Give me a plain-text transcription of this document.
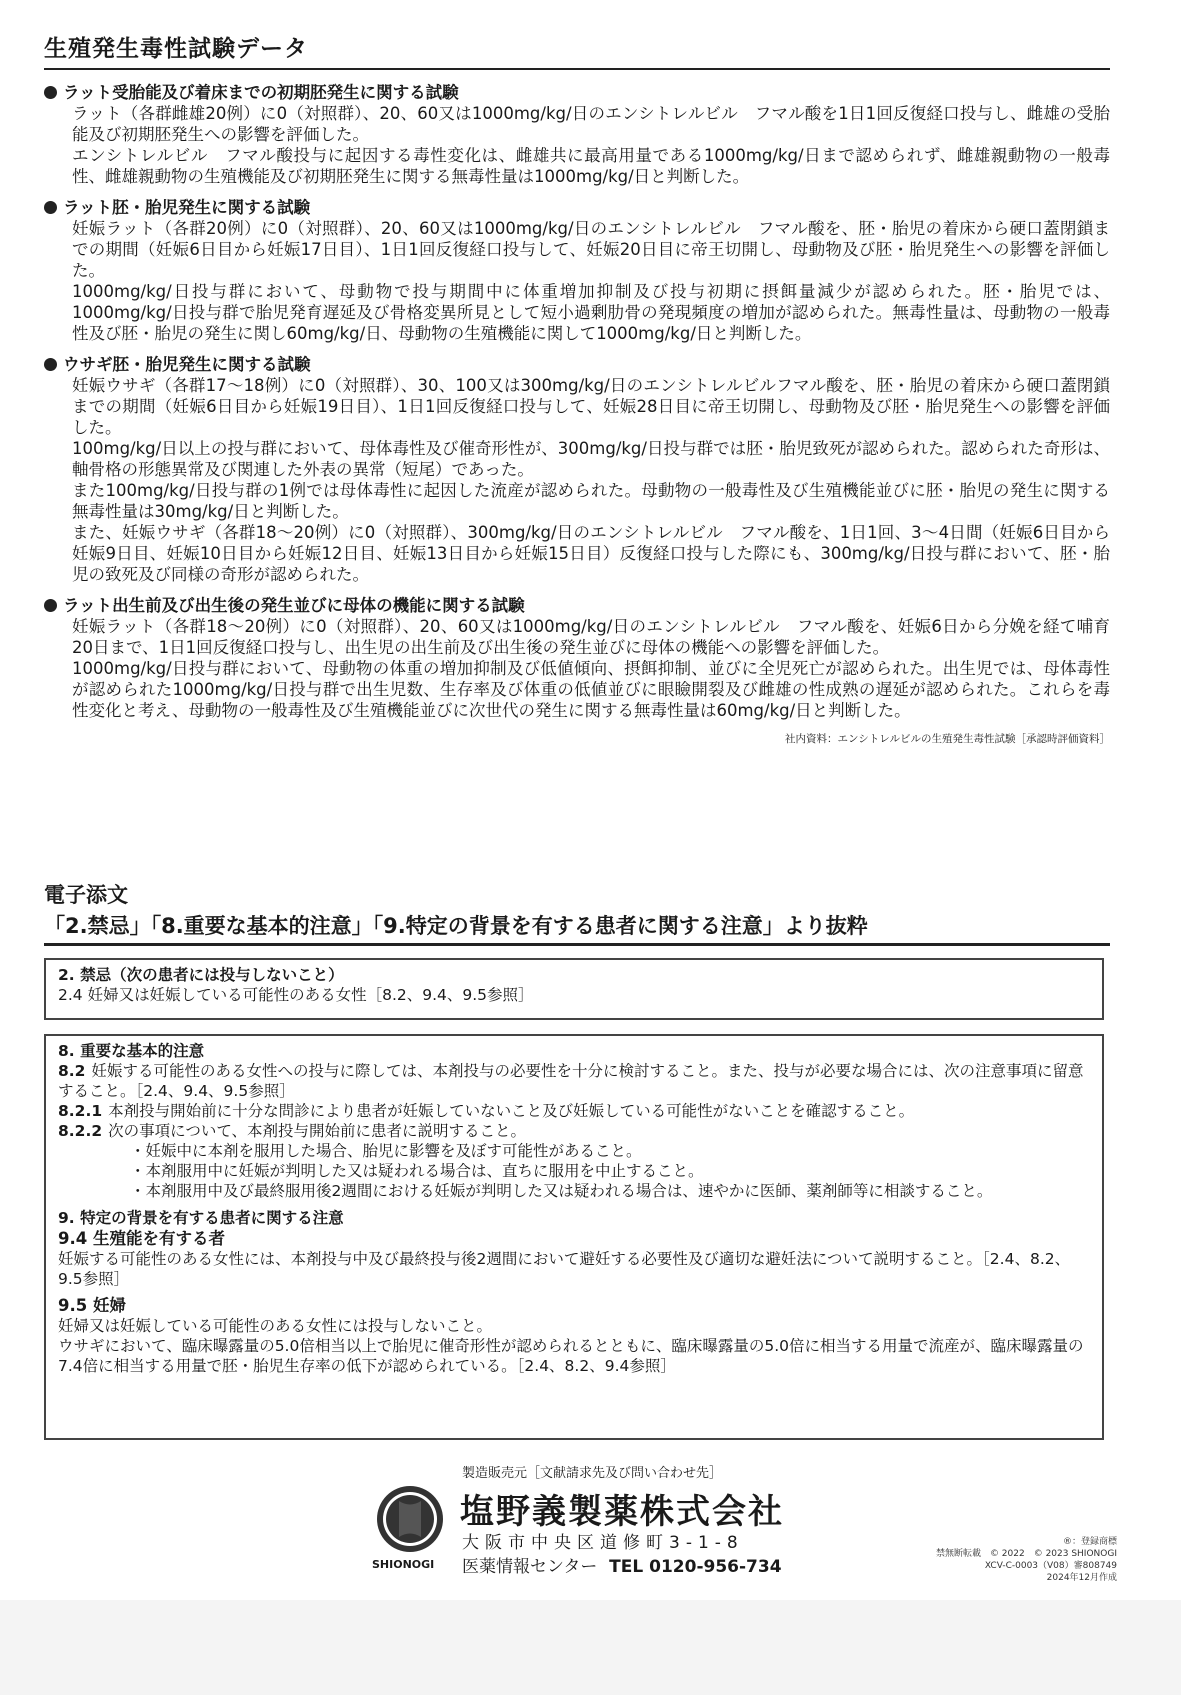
生殖発生毒性試験データ
ラット受胎能及び着床までの初期胚発生に関する試験

ラット（各群雌雄20例）に0（対照群）、20、60又は1000mg/kg/日のエンシトレルビル　フマル酸を1日1回反復経口投与し、雌雄の受胎能及び初期胚発生への影響を評価した。

エンシトレルビル　フマル酸投与に起因する毒性変化は、雌雄共に最高用量である1000mg/kg/日まで認められず、雌雄親動物の一般毒性、雌雄親動物の生殖機能及び初期胚発生に関する無毒性量は1000mg/kg/日と判断した。

ラット胚・胎児発生に関する試験

妊娠ラット（各群20例）に0（対照群）、20、60又は1000mg/kg/日のエンシトレルビル　フマル酸を、胚・胎児の着床から硬口蓋閉鎖までの期間（妊娠6日目から妊娠17日目）、1日1回反復経口投与して、妊娠20日目に帝王切開し、母動物及び胚・胎児発生への影響を評価した。

1000mg/kg/日投与群において、母動物で投与期間中に体重増加抑制及び投与初期に摂餌量減少が認められた。胚・胎児では、1000mg/kg/日投与群で胎児発育遅延及び骨格変異所見として短小過剰肋骨の発現頻度の増加が認められた。無毒性量は、母動物の一般毒性及び胚・胎児の発生に関し60mg/kg/日、母動物の生殖機能に関して1000mg/kg/日と判断した。

ウサギ胚・胎児発生に関する試験

妊娠ウサギ（各群17～18例）に0（対照群）、30、100又は300mg/kg/日のエンシトレルビルフマル酸を、胚・胎児の着床から硬口蓋閉鎖までの期間（妊娠6日目から妊娠19日目）、1日1回反復経口投与して、妊娠28日目に帝王切開し、母動物及び胚・胎児発生への影響を評価した。

100mg/kg/日以上の投与群において、母体毒性及び催奇形性が、300mg/kg/日投与群では胚・胎児致死が認められた。認められた奇形は、軸骨格の形態異常及び関連した外表の異常（短尾）であった。

また100mg/kg/日投与群の1例では母体毒性に起因した流産が認められた。母動物の一般毒性及び生殖機能並びに胚・胎児の発生に関する無毒性量は30mg/kg/日と判断した。

また、妊娠ウサギ（各群18～20例）に0（対照群）、300mg/kg/日のエンシトレルビル　フマル酸を、1日1回、3～4日間（妊娠6日目から妊娠9日目、妊娠10日目から妊娠12日目、妊娠13日目から妊娠15日目）反復経口投与した際にも、300mg/kg/日投与群において、胚・胎児の致死及び同様の奇形が認められた。

ラット出生前及び出生後の発生並びに母体の機能に関する試験

妊娠ラット（各群18～20例）に0（対照群）、20、60又は1000mg/kg/日のエンシトレルビル　フマル酸を、妊娠6日から分娩を経て哺育20日まで、1日1回反復経口投与し、出生児の出生前及び出生後の発生並びに母体の機能への影響を評価した。

1000mg/kg/日投与群において、母動物の体重の増加抑制及び低値傾向、摂餌抑制、並びに全児死亡が認められた。出生児では、母体毒性が認められた1000mg/kg/日投与群で出生児数、生存率及び体重の低値並びに眼瞼開裂及び雌雄の性成熟の遅延が認められた。これらを毒性変化と考え、母動物の一般毒性及び生殖機能並びに次世代の発生に関する無毒性量は60mg/kg/日と判断した。

社内資料：エンシトレルビルの生殖発生毒性試験［承認時評価資料］
電子添文
「2.禁忌」「8.重要な基本的注意」「9.特定の背景を有する患者に関する注意」より抜粋
2. 禁忌（次の患者には投与しないこと）

2.4 妊婦又は妊娠している可能性のある女性［8.2、9.4、9.5参照］

8. 重要な基本的注意

8.2 妊娠する可能性のある女性への投与に際しては、本剤投与の必要性を十分に検討すること。また、投与が必要な場合には、次の注意事項に留意すること。［2.4、9.4、9.5参照］

8.2.1 本剤投与開始前に十分な問診により患者が妊娠していないこと及び妊娠している可能性がないことを確認すること。

8.2.2 次の事項について、本剤投与開始前に患者に説明すること。

・妊娠中に本剤を服用した場合、胎児に影響を及ぼす可能性があること。

・本剤服用中に妊娠が判明した又は疑われる場合は、直ちに服用を中止すること。

・本剤服用中及び最終服用後2週間における妊娠が判明した又は疑われる場合は、速やかに医師、薬剤師等に相談すること。

9. 特定の背景を有する患者に関する注意
9.4 生殖能を有する者

妊娠する可能性のある女性には、本剤投与中及び最終投与後2週間において避妊する必要性及び適切な避妊法について説明すること。［2.4、8.2、9.5参照］

9.5 妊婦

妊婦又は妊娠している可能性のある女性には投与しないこと。

ウサギにおいて、臨床曝露量の5.0倍相当以上で胎児に催奇形性が認められるとともに、臨床曝露量の5.0倍に相当する用量で流産が、臨床曝露量の7.4倍に相当する用量で胚・胎児生存率の低下が認められている。［2.4、8.2、9.4参照］

SHIONOGI
製造販売元［文献請求先及び問い合わせ先］
塩野義製薬株式会社
大阪市中央区道修町3-1-8
医薬情報センター TEL 0120-956-734
®：登録商標
禁無断転載　© 2022　© 2023 SHIONOGI
XCV-C-0003（V08）審808749
2024年12月作成
